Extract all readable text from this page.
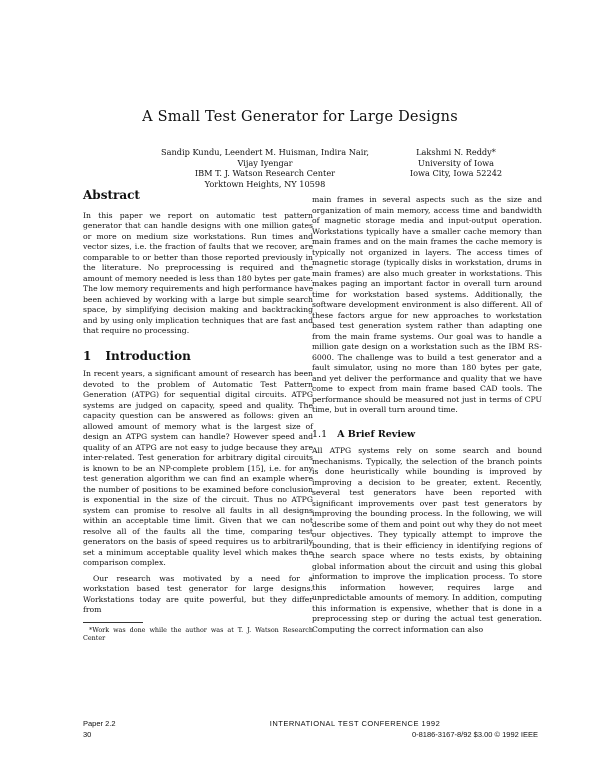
A Small Test Generator for Large Designs
Sandip Kundu, Leendert M. Huisman, Indira Nair, Vijay Iyengar
IBM T. J. Watson Research Center
Yorktown Heights, NY 10598
Lakshmi N. Reddy*
University of Iowa
Iowa City, Iowa 52242
Abstract

In this paper we report on automatic test pattern generator that can handle designs with one million gates or more on medium size workstations. Run times and vector sizes, i.e. the fraction of faults that we recover, are comparable to or better than those reported previously in the literature. No preprocessing is required and the amount of memory needed is less than 180 bytes per gate. The low memory requirements and high performance have been achieved by working with a large but simple search space, by simplifying decision making and backtracking and by using only implication techniques that are fast and that require no processing.

1 Introduction

In recent years, a significant amount of research has been devoted to the problem of Automatic Test Pattern Generation (ATPG) for sequential digital circuits. ATPG systems are judged on capacity, speed and quality. The capacity question can be answered as follows: given an allowed amount of memory what is the largest size of design an ATPG system can handle? However speed and quality of an ATPG are not easy to judge because they are inter-related. Test generation for arbitrary digital circuits is known to be an NP-complete problem [15], i.e. for any test generation algorithm we can find an example where the number of positions to be examined before conclusion is exponential in the size of the circuit. Thus no ATPG system can promise to resolve all faults in all designs within an acceptable time limit. Given that we can not resolve all of the faults all the time, comparing test generators on the basis of speed requires us to arbitrarily set a minimum acceptable quality level which makes the comparison complex.

Our research was motivated by a need for a workstation based test generator for large designs. Workstations today are quite powerful, but they differ from

*Work was done while the author was at T. J. Watson Research Center

main frames in several aspects such as the size and organization of main memory, access time and bandwidth of magnetic storage media and input-output operation. Workstations typically have a smaller cache memory than main frames and on the main frames the cache memory is typically not organized in layers. The access times of magnetic storage (typically disks in workstation, drums in main frames) are also much greater in workstations. This makes paging an important factor in overall turn around time for workstation based systems. Additionally, the software development environment is also different. All of these factors argue for new approaches to workstation based test generation system rather than adapting one from the main frame systems. Our goal was to handle a million gate design on a workstation such as the IBM RS-6000. The challenge was to build a test generator and a fault simulator, using no more than 180 bytes per gate, and yet deliver the performance and quality that we have come to expect from main frame based CAD tools. The performance should be measured not just in terms of CPU time, but in overall turn around time.

1.1 A Brief Review

All ATPG systems rely on some search and bound mechanisms. Typically, the selection of the branch points is done heuristically while bounding is improved by improving a decision to be greater, extent. Recently, several test generators have been reported with significant improvements over past test generators by improving the bounding process. In the following, we will describe some of them and point out why they do not meet our objectives. They typically attempt to improve the bounding, that is their efficiency in identifying regions of the search space where no tests exists, by obtaining global information about the circuit and using this global information to improve the implication process. To store this information however, requires large and unpredictable amounts of memory. In addition, computing this information is expensive, whether that is done in a preprocessing step or during the actual test generation. Computing the correct information can also

Paper 2.2
30
INTERNATIONAL TEST CONFERENCE 1992
0-8186-3167-8/92 $3.00 © 1992 IEEE
